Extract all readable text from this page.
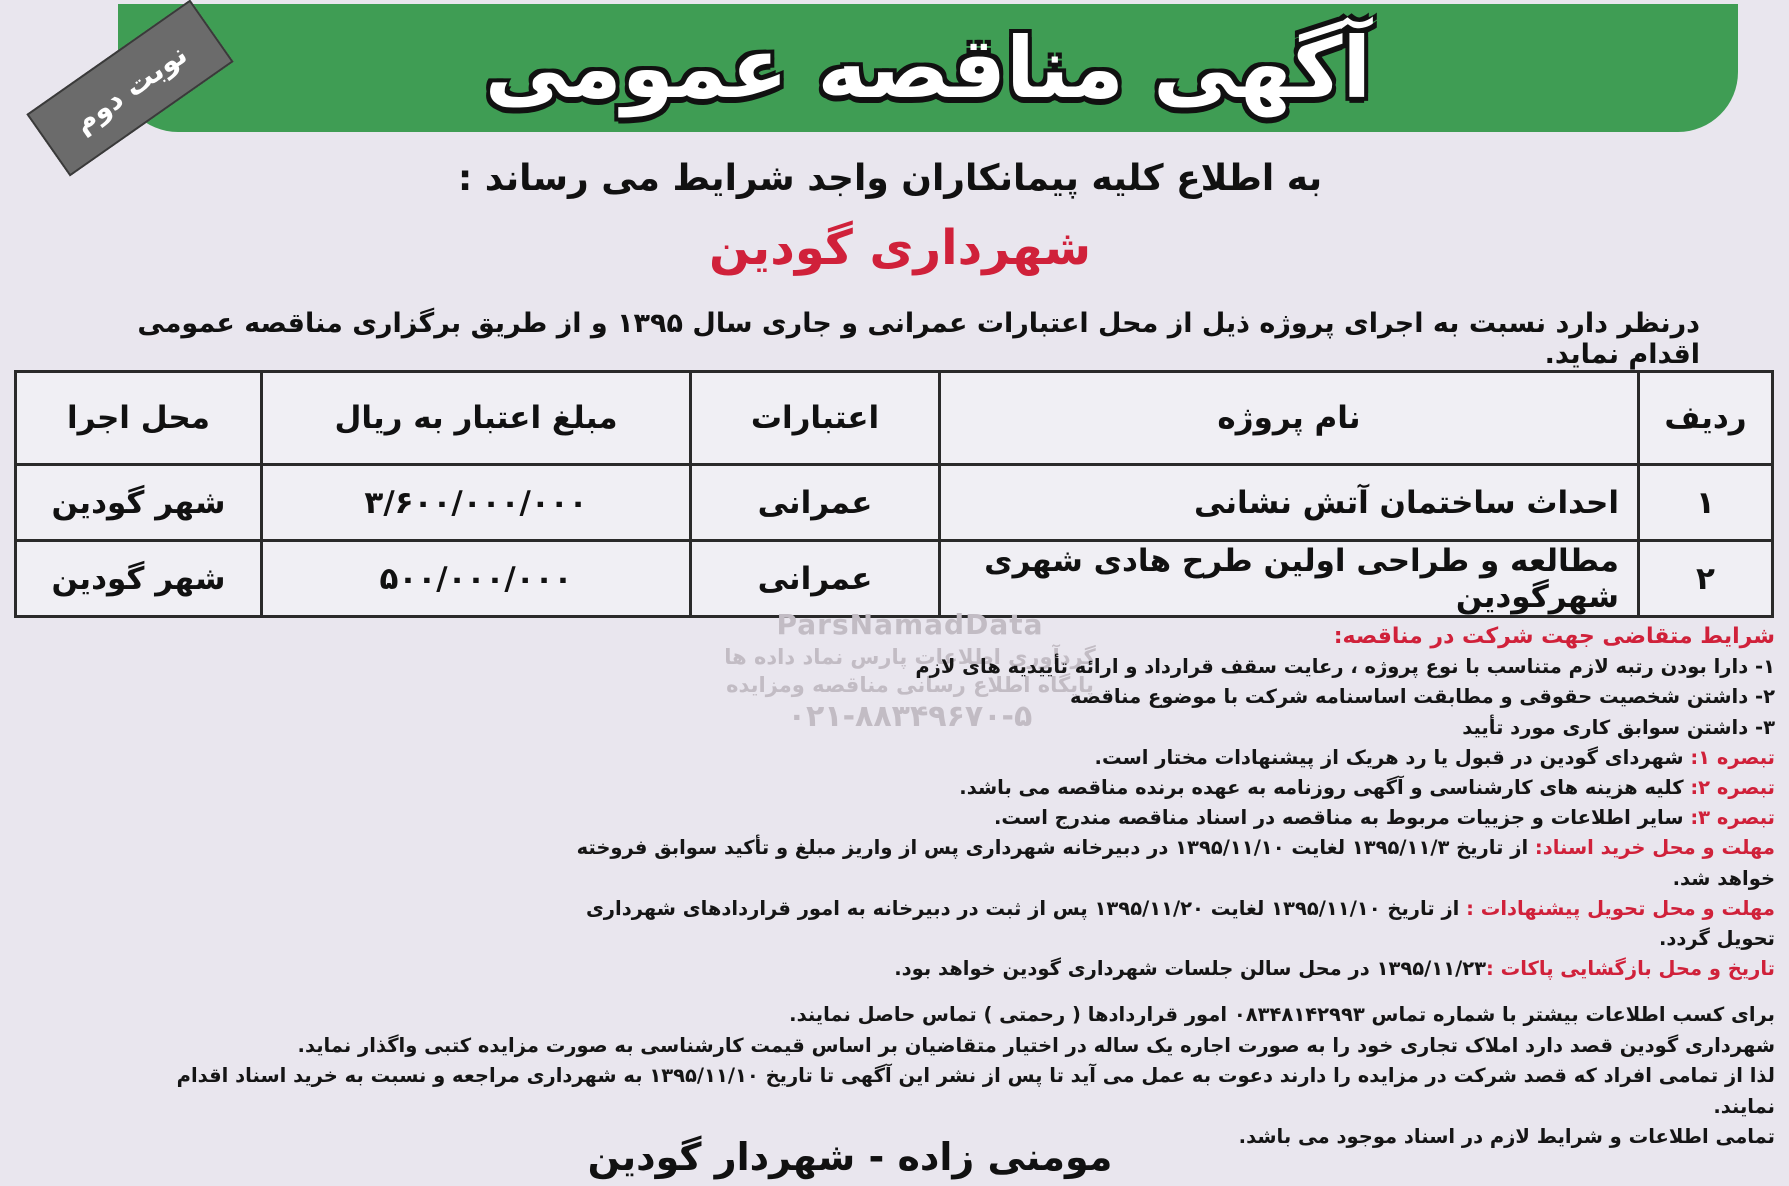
آگهی مناقصه عمومی
نوبت دوم
به اطلاع کلیه پیمانکاران واجد شرایط می رساند :
شهرداری گودین
درنظر دارد نسبت به اجرای پروژه ذیل از محل اعتبارات عمرانی و جاری سال ۱۳۹۵ و از طریق برگزاری مناقصه عمومی اقدام نماید.
ردیف	نام پروژه	اعتبارات	مبلغ اعتبار به ریال	محل اجرا
۱	احداث ساختمان آتش نشانی	عمرانی	۳/۶۰۰/۰۰۰/۰۰۰	شهر گودین
۲	مطالعه و طراحی اولین طرح هادی شهری شهرگودین	عمرانی	۵۰۰/۰۰۰/۰۰۰	شهر گودین
ParsNamadData
گردآوری اطلاعات پارس نماد داده ها
پایگاه اطلاع رسانی مناقصه ومزایده
۰۲۱-۸۸۳۴۹۶۷۰-۵
شرایط متقاضی جهت شرکت در مناقصه:
۱- دارا بودن رتبه لازم متناسب با نوع پروژه ، رعایت سقف قرارداد و ارائه تأییدیه های لازم
۲- داشتن شخصیت حقوقی و مطابقت اساسنامه شرکت با موضوع مناقصه
۳- داشتن سوابق کاری مورد تأیید
تبصره ۱: شهردای گودین در قبول یا رد هریک از پیشنهادات مختار است.
تبصره ۲: کلیه هزینه های کارشناسی و آگهی روزنامه به عهده برنده مناقصه می باشد.
تبصره ۳: سایر اطلاعات و جزییات مربوط به مناقصه در اسناد مناقصه مندرج است.
مهلت و محل خرید اسناد: از تاریخ ۱۳۹۵/۱۱/۳ لغایت ۱۳۹۵/۱۱/۱۰ در دبیرخانه شهرداری پس از واریز مبلغ و تأکید سوابق فروخته خواهد شد.
مهلت و محل تحویل پیشنهادات : از تاریخ ۱۳۹۵/۱۱/۱۰ لغایت ۱۳۹۵/۱۱/۲۰ پس از ثبت در دبیرخانه به امور قراردادهای شهرداری تحویل گردد.
تاریخ و محل بازگشایی پاکات :۱۳۹۵/۱۱/۲۳ در محل سالن جلسات شهرداری گودین خواهد بود.
برای کسب اطلاعات بیشتر با شماره تماس ۰۸۳۴۸۱۴۲۹۹۳ امور قراردادها ( رحمتی ) تماس حاصل نمایند.
شهرداری گودین قصد دارد املاک تجاری خود را به صورت اجاره یک ساله در اختیار متقاضیان بر اساس قیمت کارشناسی به صورت مزایده کتبی واگذار نماید.
لذا از تمامی افراد که قصد شرکت در مزایده را دارند دعوت به عمل می آید تا پس از نشر این آگهی تا تاریخ ۱۳۹۵/۱۱/۱۰ به شهرداری مراجعه و نسبت به خرید اسناد اقدام نمایند.
تمامی اطلاعات و شرایط لازم در اسناد موجود می باشد.
مومنی زاده - شهردار گودین
